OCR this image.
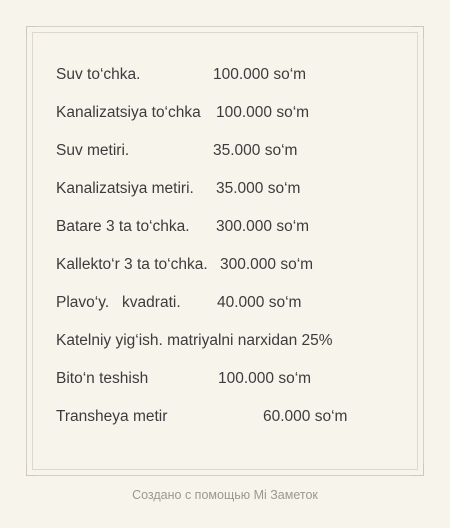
Suv to‘chka.	100.000 so‘m
Kanalizatsiya to‘chka 100.000 so‘m
Suv metiri.	35.000 so‘m
Kanalizatsiya metiri. 35.000 so‘m
Batare 3 ta to‘chka. 300.000 so‘m
Kallekto‘r 3 ta to‘chka. 300.000 so‘m
Plavo‘y.   kvadrati. 40.000 so‘m
Katelniy yig‘ish. matriyalni narxidan 25%
Bito‘n teshish	100.000 so‘m
Transheya metir	60.000 so‘m
Создано с помощью Mi Заметок
